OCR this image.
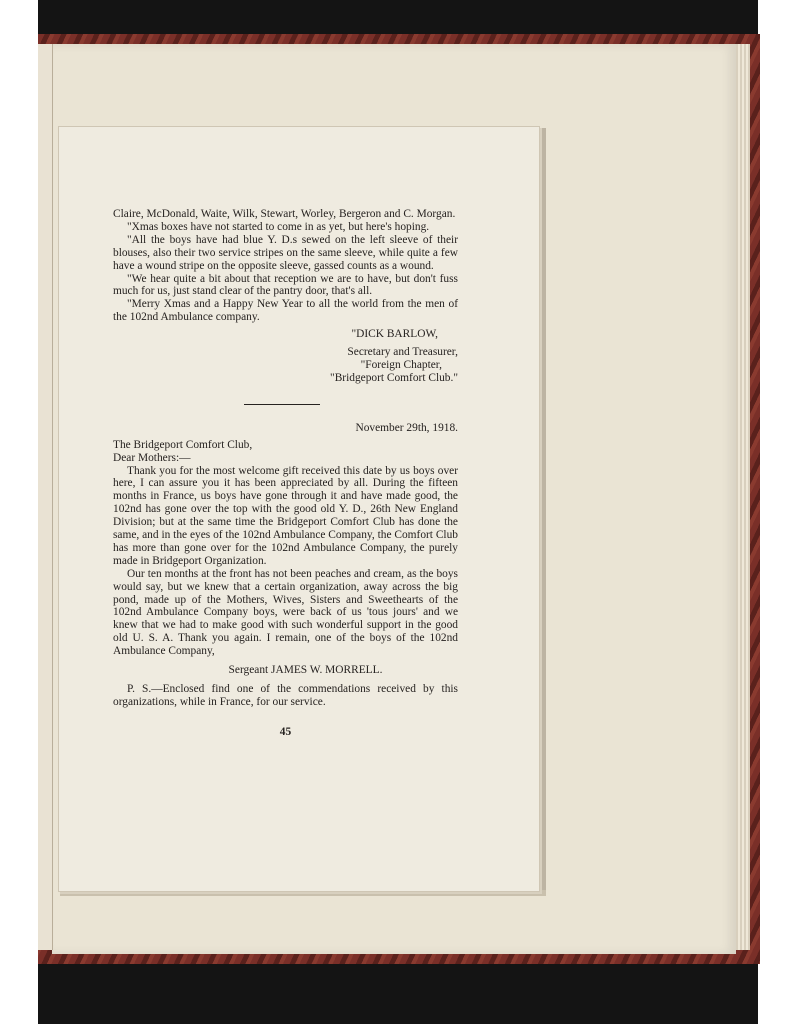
Claire, McDonald, Waite, Wilk, Stewart, Worley, Bergeron and C. Morgan.

"Xmas boxes have not started to come in as yet, but here's hoping.

"All the boys have had blue Y. D.s sewed on the left sleeve of their blouses, also their two service stripes on the same sleeve, while quite a few have a wound stripe on the opposite sleeve, gassed counts as a wound.

"We hear quite a bit about that reception we are to have, but don't fuss much for us, just stand clear of the pantry door, that's all.

"Merry Xmas and a Happy New Year to all the world from the men of the 102nd Ambulance company.

"DICK BARLOW,

Secretary and Treasurer,

"Foreign Chapter,

"Bridgeport Comfort Club."

November 29th, 1918.

The Bridgeport Comfort Club,

Dear Mothers:—

Thank you for the most welcome gift received this date by us boys over here, I can assure you it has been appreciated by all. During the fifteen months in France, us boys have gone through it and have made good, the 102nd has gone over the top with the good old Y. D., 26th New England Division; but at the same time the Bridgeport Comfort Club has done the same, and in the eyes of the 102nd Ambulance Company, the Comfort Club has more than gone over for the 102nd Ambulance Company, the purely made in Bridgeport Organization.

Our ten months at the front has not been peaches and cream, as the boys would say, but we knew that a certain organization, away across the big pond, made up of the Mothers, Wives, Sisters and Sweethearts of the 102nd Ambulance Company boys, were back of us 'tous jours' and we knew that we had to make good with such wonderful support in the good old U. S. A. Thank you again. I remain, one of the boys of the 102nd Ambulance Company,

Sergeant JAMES W. MORRELL.

P. S.—Enclosed find one of the commendations received by this organizations, while in France, for our service.

45
